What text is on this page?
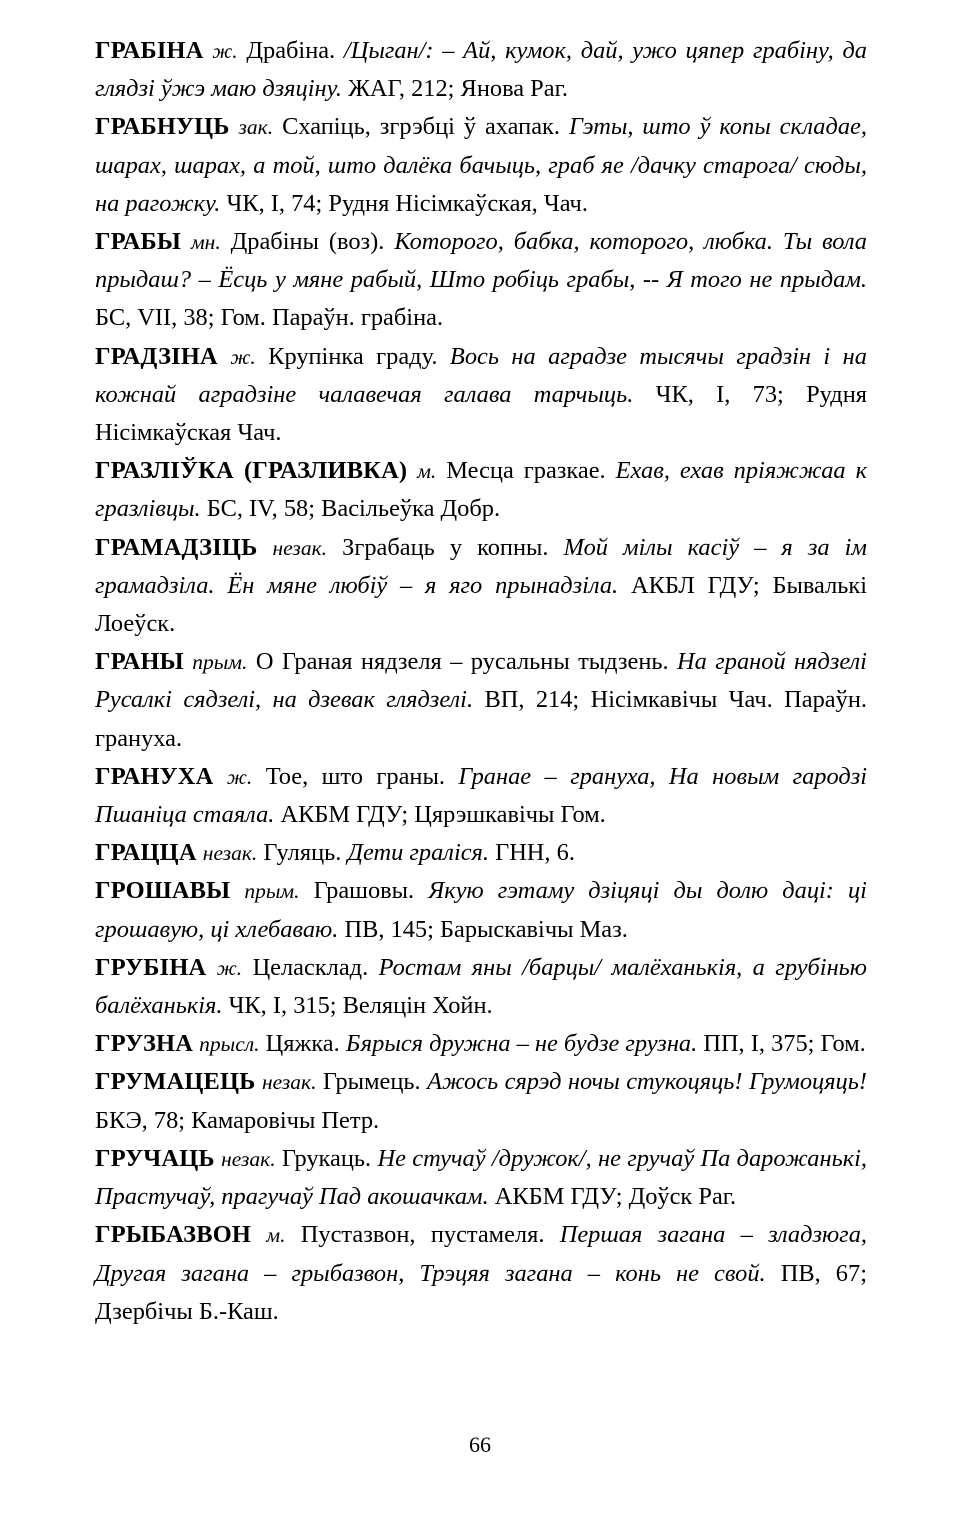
ГРАБІНА ж. Драбіна. /Цыган/: – Ай, кумок, дай, ужо цяпер грабіну, да глядзі ўжэ маю дзяціну. ЖАГ, 212; Янова Раг.

ГРАБНУЦЬ зак. Схапіць, згрэбці ў ахапак. Гэты, што ў копы складае, шарах, шарах, а той, што далёка бачыць, граб яе /дачку старога/ сюды, на рагожку. ЧК, І, 74; Рудня Нісімкаўская, Чач.

ГРАБЫ мн. Драбіны (воз). Которого, бабка, которого, любка. Ты вола прыдаш? – Ёсць у мяне рабый, Што робіць грабы, -- Я того не прыдам. БС, VII, 38; Гом. Параўн. грабіна.

ГРАДЗІНА ж. Крупінка граду. Вось на аградзе тысячы градзін і на кожнай аградзіне чалавечая галава тарчыць. ЧК, І, 73; Рудня Нісімкаўская Чач.

ГРАЗЛІЎКА (ГРАЗЛИВКА) м. Месца гразкае. Ехав, ехав пріяжжаа к гразлівцы. БС, IV, 58; Васільеўка Добр.

ГРАМАДЗІЦЬ незак. Зграбаць у копны. Мой мілы касіў – я за ім грамадзіла. Ён мяне любіў – я яго прынадзіла. АКБЛ ГДУ; Бывалькі Лоеўск.

ГРАНЫ прым. О Граная нядзеля – русальны тыдзень. На граной нядзелі Русалкі сядзелі, на дзевак глядзелі. ВП, 214; Нісімкавічы Чач. Параўн. грануха.

ГРАНУХА ж. Тое, што граны. Гранае – грануха, На новым гародзі Пшаніца стаяла. АКБМ ГДУ; Цярэшкавічы Гом.

ГРАЦЦА незак. Гуляць. Дети граліся. ГНН, 6.

ГРОШАВЫ прым. Грашовы. Якую гэтаму дзіцяці ды долю даці: ці грошавую, ці хлебаваю. ПВ, 145; Барыскавічы Маз.

ГРУБІНА ж. Целасклад. Ростам яны /барцы/ малёханькія, а грубінью балёханькія. ЧК, І, 315; Веляцін Хойн.

ГРУЗНА прысл. Цяжка. Бярыся дружна – не будзе грузна. ПП, І, 375; Гом.

ГРУМАЦЕЦЬ незак. Грымець. Ажось сярэд ночы стукоцяць! Грумоцяць! БКЭ, 78; Камаровічы Петр.

ГРУЧАЦЬ незак. Грукаць. Не стучаў /дружок/, не гручаў Па дарожанькі, Прастучаў, прагучаў Пад акошачкам. АКБМ ГДУ; Доўск Раг.

ГРЫБАЗВОН м. Пустазвон, пустамеля. Першая загана – зладзюга, Другая загана – грыбазвон, Трэцяя загана – конь не свой. ПВ, 67; Дзербічы Б.-Каш.

66
